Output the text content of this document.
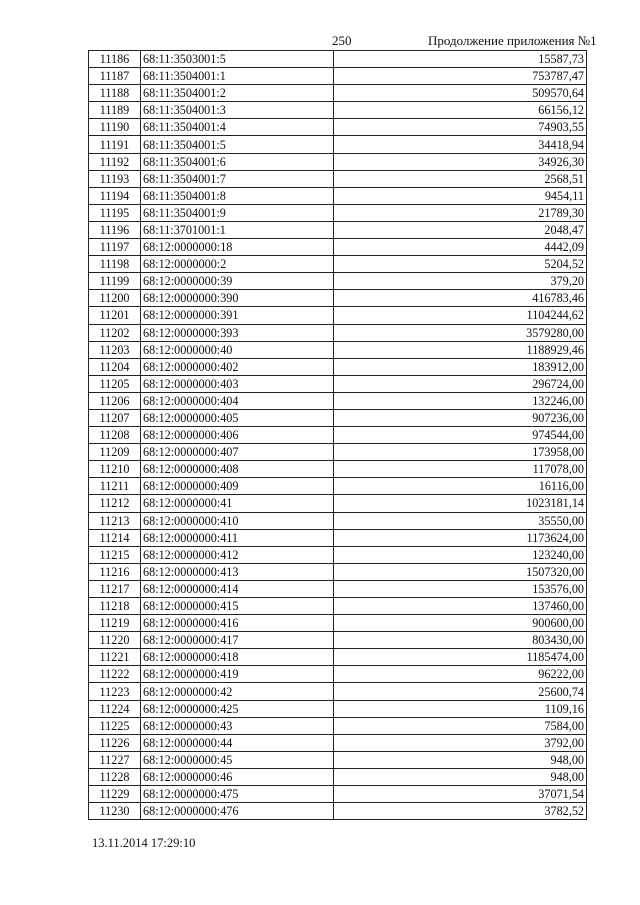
250	Продолжение приложения №1
11186	68:11:3503001:5	15587,73
11187	68:11:3504001:1	753787,47
11188	68:11:3504001:2	509570,64
11189	68:11:3504001:3	66156,12
11190	68:11:3504001:4	74903,55
11191	68:11:3504001:5	34418,94
11192	68:11:3504001:6	34926,30
11193	68:11:3504001:7	2568,51
11194	68:11:3504001:8	9454,11
11195	68:11:3504001:9	21789,30
11196	68:11:3701001:1	2048,47
11197	68:12:0000000:18	4442,09
11198	68:12:0000000:2	5204,52
11199	68:12:0000000:39	379,20
11200	68:12:0000000:390	416783,46
11201	68:12:0000000:391	1104244,62
11202	68:12:0000000:393	3579280,00
11203	68:12:0000000:40	1188929,46
11204	68:12:0000000:402	183912,00
11205	68:12:0000000:403	296724,00
11206	68:12:0000000:404	132246,00
11207	68:12:0000000:405	907236,00
11208	68:12:0000000:406	974544,00
11209	68:12:0000000:407	173958,00
11210	68:12:0000000:408	117078,00
11211	68:12:0000000:409	16116,00
11212	68:12:0000000:41	1023181,14
11213	68:12:0000000:410	35550,00
11214	68:12:0000000:411	1173624,00
11215	68:12:0000000:412	123240,00
11216	68:12:0000000:413	1507320,00
11217	68:12:0000000:414	153576,00
11218	68:12:0000000:415	137460,00
11219	68:12:0000000:416	900600,00
11220	68:12:0000000:417	803430,00
11221	68:12:0000000:418	1185474,00
11222	68:12:0000000:419	96222,00
11223	68:12:0000000:42	25600,74
11224	68:12:0000000:425	1109,16
11225	68:12:0000000:43	7584,00
11226	68:12:0000000:44	3792,00
11227	68:12:0000000:45	948,00
11228	68:12:0000000:46	948,00
11229	68:12:0000000:475	37071,54
11230	68:12:0000000:476	3782,52
13.11.2014 17:29:10
